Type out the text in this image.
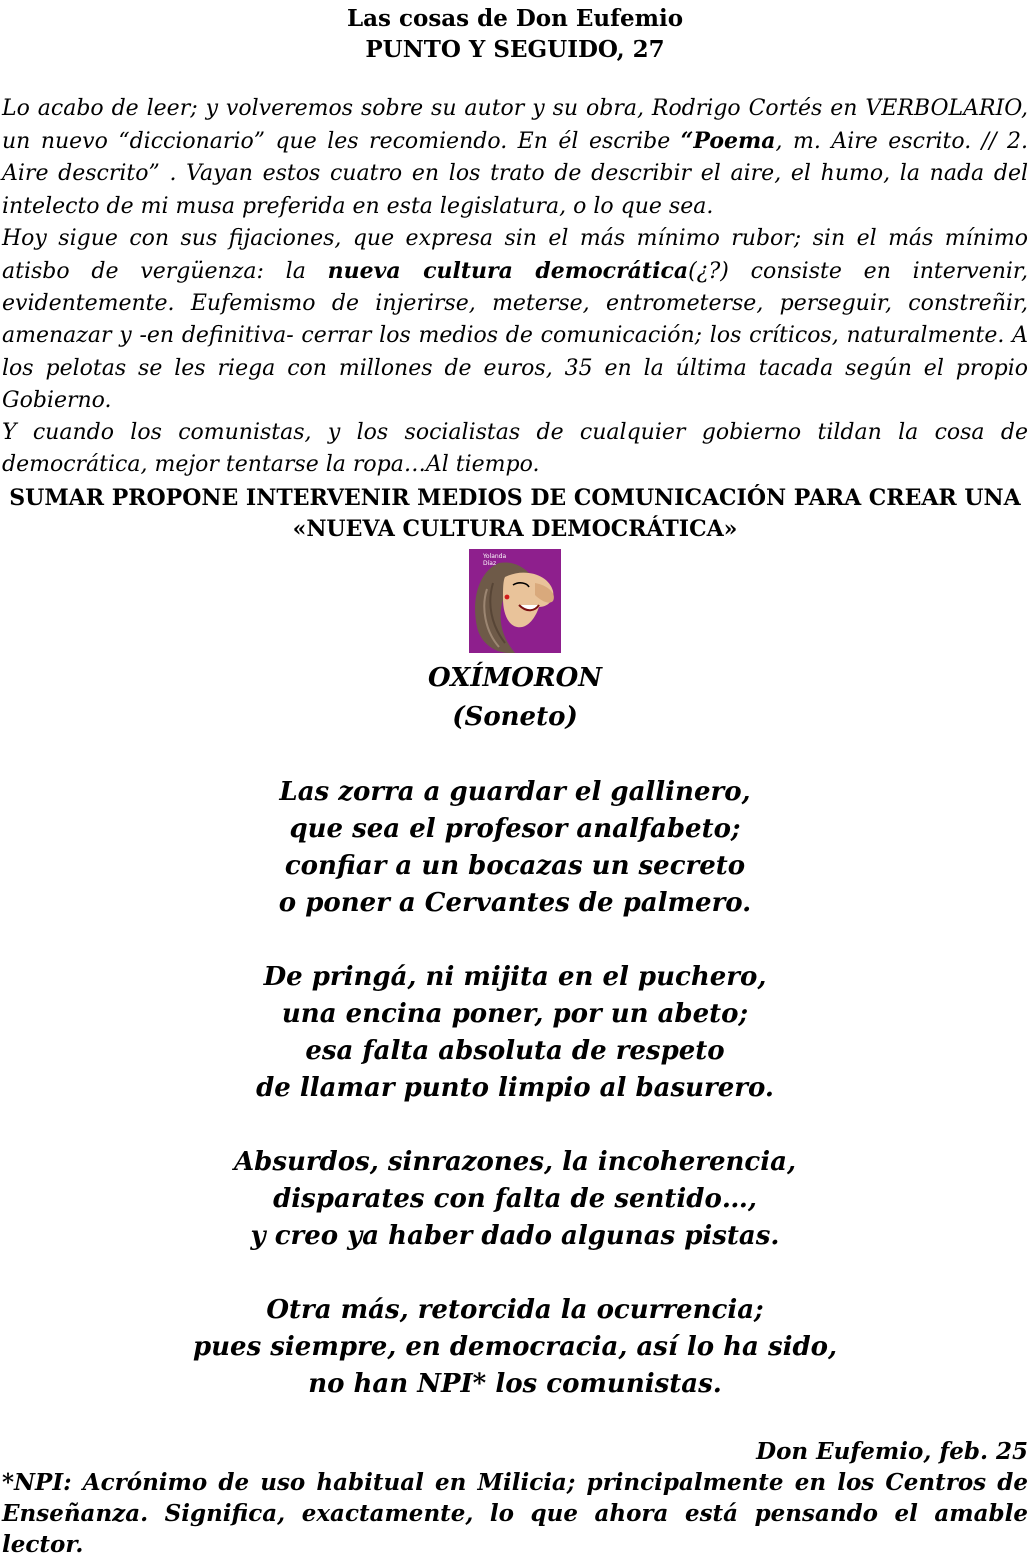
Las cosas de Don Eufemio
PUNTO Y SEGUIDO, 27

Lo acabo de leer; y volveremos sobre su autor y su obra, Rodrigo Cortés en VERBOLARIO, un nuevo “diccionario” que les recomiendo. En él escribe “Poema, m. Aire escrito. // 2. Aire descrito” . Vayan estos cuatro en los trato de describir el aire, el humo, la nada del intelecto de mi musa preferida en esta legislatura, o lo que sea.

Hoy sigue con sus fijaciones, que expresa sin el más mínimo rubor; sin el más mínimo atisbo de vergüenza: la nueva cultura democrática(¿?) consiste en intervenir, evidentemente. Eufemismo de injerirse, meterse, entrometerse, perseguir, constreñir, amenazar y -en definitiva- cerrar los medios de comunicación; los críticos, naturalmente. A los pelotas se les riega con millones de euros, 35 en la última tacada según el propio Gobierno.

Y cuando los comunistas, y los socialistas de cualquier gobierno tildan la cosa de democrática, mejor tentarse la ropa…Al tiempo.

SUMAR PROPONE INTERVENIR MEDIOS DE COMUNICACIÓN PARA CREAR UNA
«NUEVA CULTURA DEMOCRÁTICA»
Yolanda
Díaz
OXÍMORON
(Soneto)
Las zorra a guardar el gallinero,
que sea el profesor analfabeto;
confiar a un bocazas un secreto
o poner a Cervantes de palmero.
De pringá, ni mijita en el puchero,
una encina poner, por un abeto;
esa falta absoluta de respeto
de llamar punto limpio al basurero.
Absurdos, sinrazones, la incoherencia,
disparates con falta de sentido…,
y creo ya haber dado algunas pistas.
Otra más, retorcida la ocurrencia;
pues siempre, en democracia, así lo ha sido,
no han NPI* los comunistas.
Don Eufemio, feb. 25

*NPI: Acrónimo de uso habitual en Milicia; principalmente en los Centros de Enseñanza. Significa, exactamente, lo que ahora está pensando el amable lector.
